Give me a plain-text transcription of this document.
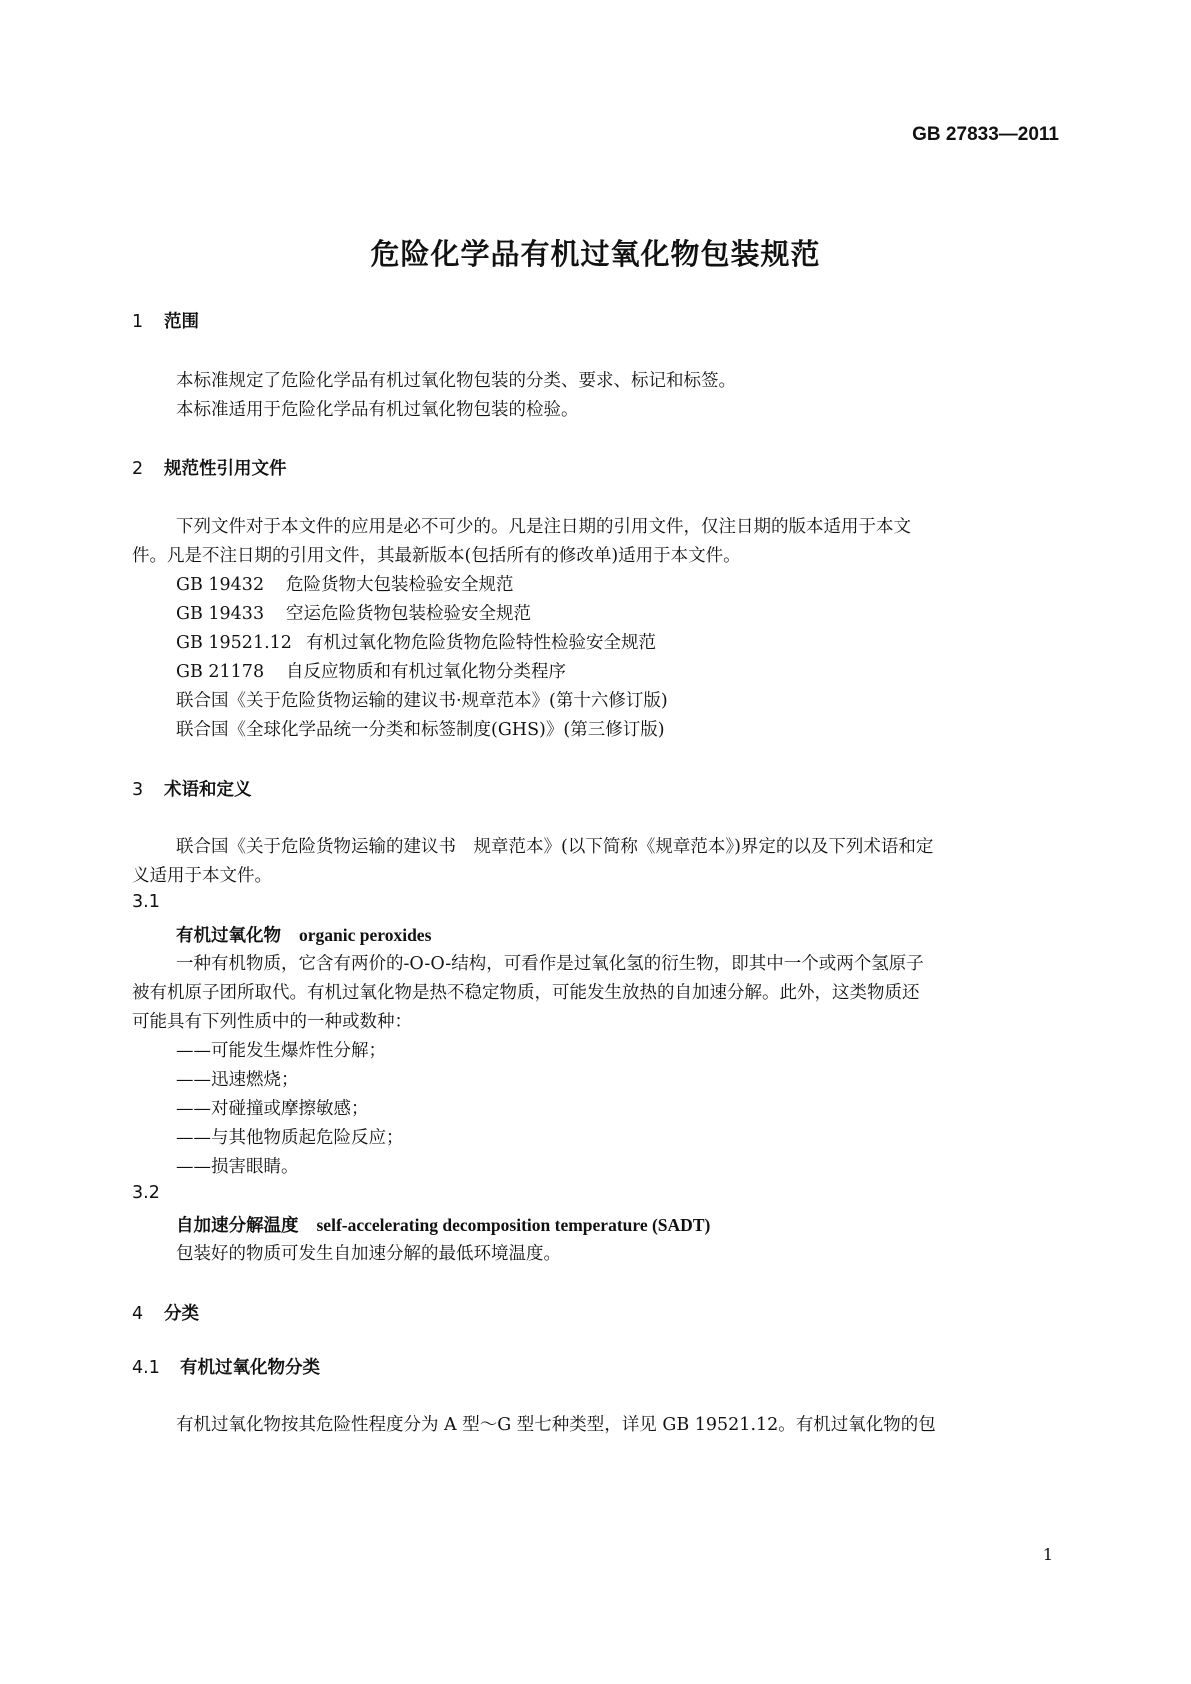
GB 27833—2011
危险化学品有机过氧化物包装规范
1 范围

本标准规定了危险化学品有机过氧化物包装的分类、要求、标记和标签。

本标准适用于危险化学品有机过氧化物包装的检验。

2 规范性引用文件

下列文件对于本文件的应用是必不可少的。凡是注日期的引用文件，仅注日期的版本适用于本文

件。凡是不注日期的引用文件，其最新版本(包括所有的修改单)适用于本文件。

GB 19432 危险货物大包装检验安全规范
GB 19433 空运危险货物包装检验安全规范
GB 19521.12 有机过氧化物危险货物危险特性检验安全规范
GB 21178 自反应物质和有机过氧化物分类程序

联合国《关于危险货物运输的建议书·规章范本》(第十六修订版)

联合国《全球化学品统一分类和标签制度(GHS)》(第三修订版)

3 术语和定义

联合国《关于危险货物运输的建议书　规章范本》(以下简称《规章范本》)界定的以及下列术语和定

义适用于本文件。

3.1
有机过氧化物 organic peroxides

一种有机物质，它含有两价的-O-O-结构，可看作是过氧化氢的衍生物，即其中一个或两个氢原子

被有机原子团所取代。有机过氧化物是热不稳定物质，可能发生放热的自加速分解。此外，这类物质还

可能具有下列性质中的一种或数种：

——可能发生爆炸性分解；

——迅速燃烧；

——对碰撞或摩擦敏感；

——与其他物质起危险反应；

——损害眼睛。

3.2
自加速分解温度 self-accelerating decomposition temperature (SADT)

包装好的物质可发生自加速分解的最低环境温度。

4 分类
4.1 有机过氧化物分类

有机过氧化物按其危险性程度分为 A 型～G 型七种类型，详见 GB 19521.12。有机过氧化物的包

1
